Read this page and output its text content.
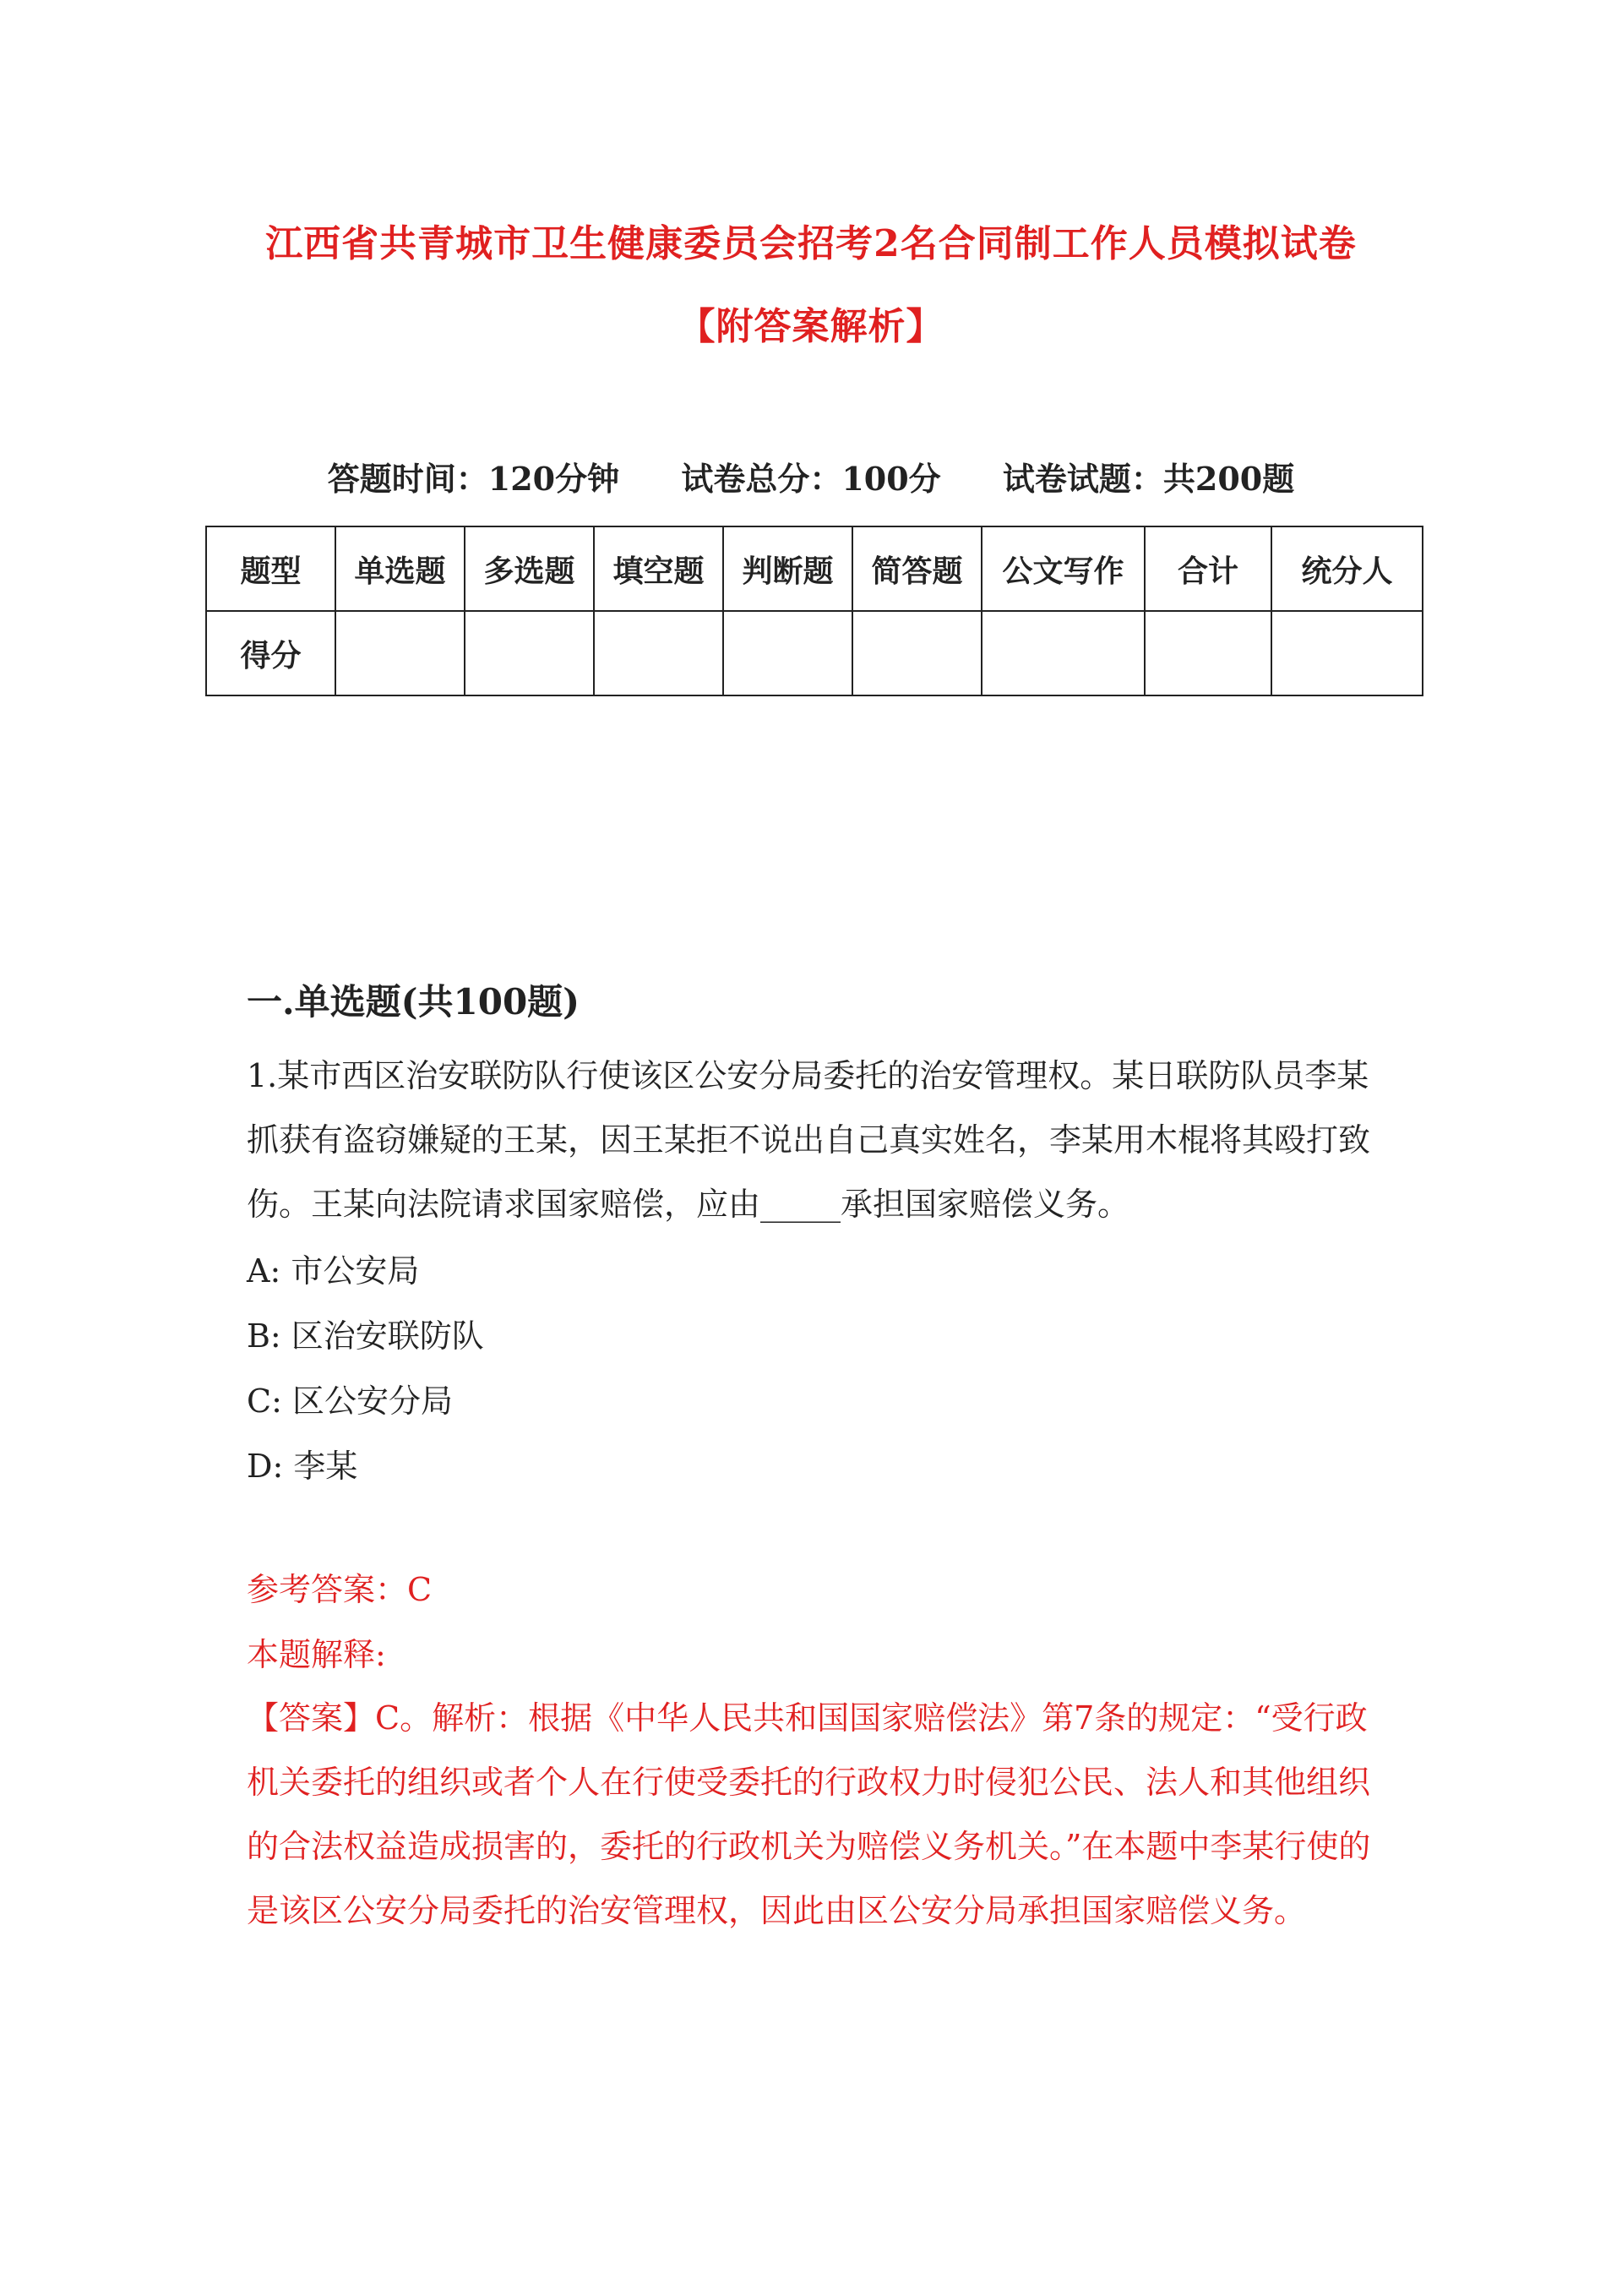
江西省共青城市卫生健康委员会招考2名合同制工作人员模拟试卷
【附答案解析】
答题时间：120分钟 试卷总分：100分 试卷试题：共200题
题型	单选题	多选题	填空题	判断题	简答题	公文写作	合计	统分人
得分								
一.单选题(共100题)
1.某市西区治安联防队行使该区公安分局委托的治安管理权。某日联防队员李某抓获有盗窃嫌疑的王某，因王某拒不说出自己真实姓名，李某用木棍将其殴打致伤。王某向法院请求国家赔偿，应由_____承担国家赔偿义务。
A: 市公安局
B: 区治安联防队
C: 区公安分局
D: 李某
参考答案：C
本题解释:
【答案】C。解析：根据《中华人民共和国国家赔偿法》第7条的规定：“受行政机关委托的组织或者个人在行使受委托的行政权力时侵犯公民、法人和其他组织的合法权益造成损害的，委托的行政机关为赔偿义务机关。”在本题中李某行使的是该区公安分局委托的治安管理权，因此由区公安分局承担国家赔偿义务。
